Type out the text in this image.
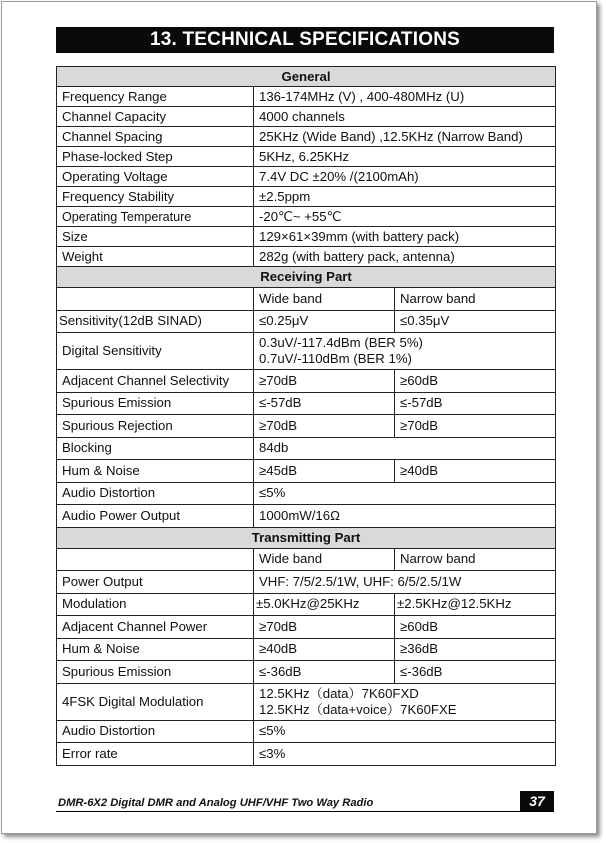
13. TECHNICAL SPECIFICATIONS
General		
Frequency Range	136-174MHz (V) , 400-480MHz (U)	
Channel Capacity	4000 channels	
Channel Spacing	25KHz (Wide Band) ,12.5KHz (Narrow Band)	
Phase-locked Step	5KHz, 6.25KHz	
Operating Voltage	7.4V DC ±20% /(2100mAh)	
Frequency Stability	±2.5ppm	
Operating Temperature	-20℃~ +55℃	
Size	129×61×39mm (with battery pack)	
Weight	282g (with battery pack, antenna)	
Receiving Part		
	Wide band	Narrow band
Sensitivity(12dB SINAD)	≤0.25μV	≤0.35μV
Digital Sensitivity	0.3uV/-117.4dBm (BER 5%)
0.7uV/-110dBm (BER 1%)	

Adjacent Channel Selectivity	≥70dB	≥60dB
Spurious Emission	≤-57dB	≤-57dB
Spurious Rejection	≥70dB	≥70dB
Blocking	84db	
Hum & Noise	≥45dB	≥40dB
Audio Distortion	≤5%	
Audio Power Output	1000mW/16Ω	
Transmitting Part		
	Wide band	Narrow band
Power Output	VHF: 7/5/2.5/1W, UHF: 6/5/2.5/1W	
Modulation	±5.0KHz@25KHz	±2.5KHz@12.5KHz
Adjacent Channel Power	≥70dB	≥60dB
Hum & Noise	≥40dB	≥36dB
Spurious Emission	≤-36dB	≤-36dB
4FSK Digital Modulation	12.5KHz（data）7K60FXD
12.5KHz（data+voice）7K60FXE	

Audio Distortion	≤5%	
Error rate	≤3%	
DMR-6X2 Digital DMR and Analog UHF/VHF Two Way Radio	37
